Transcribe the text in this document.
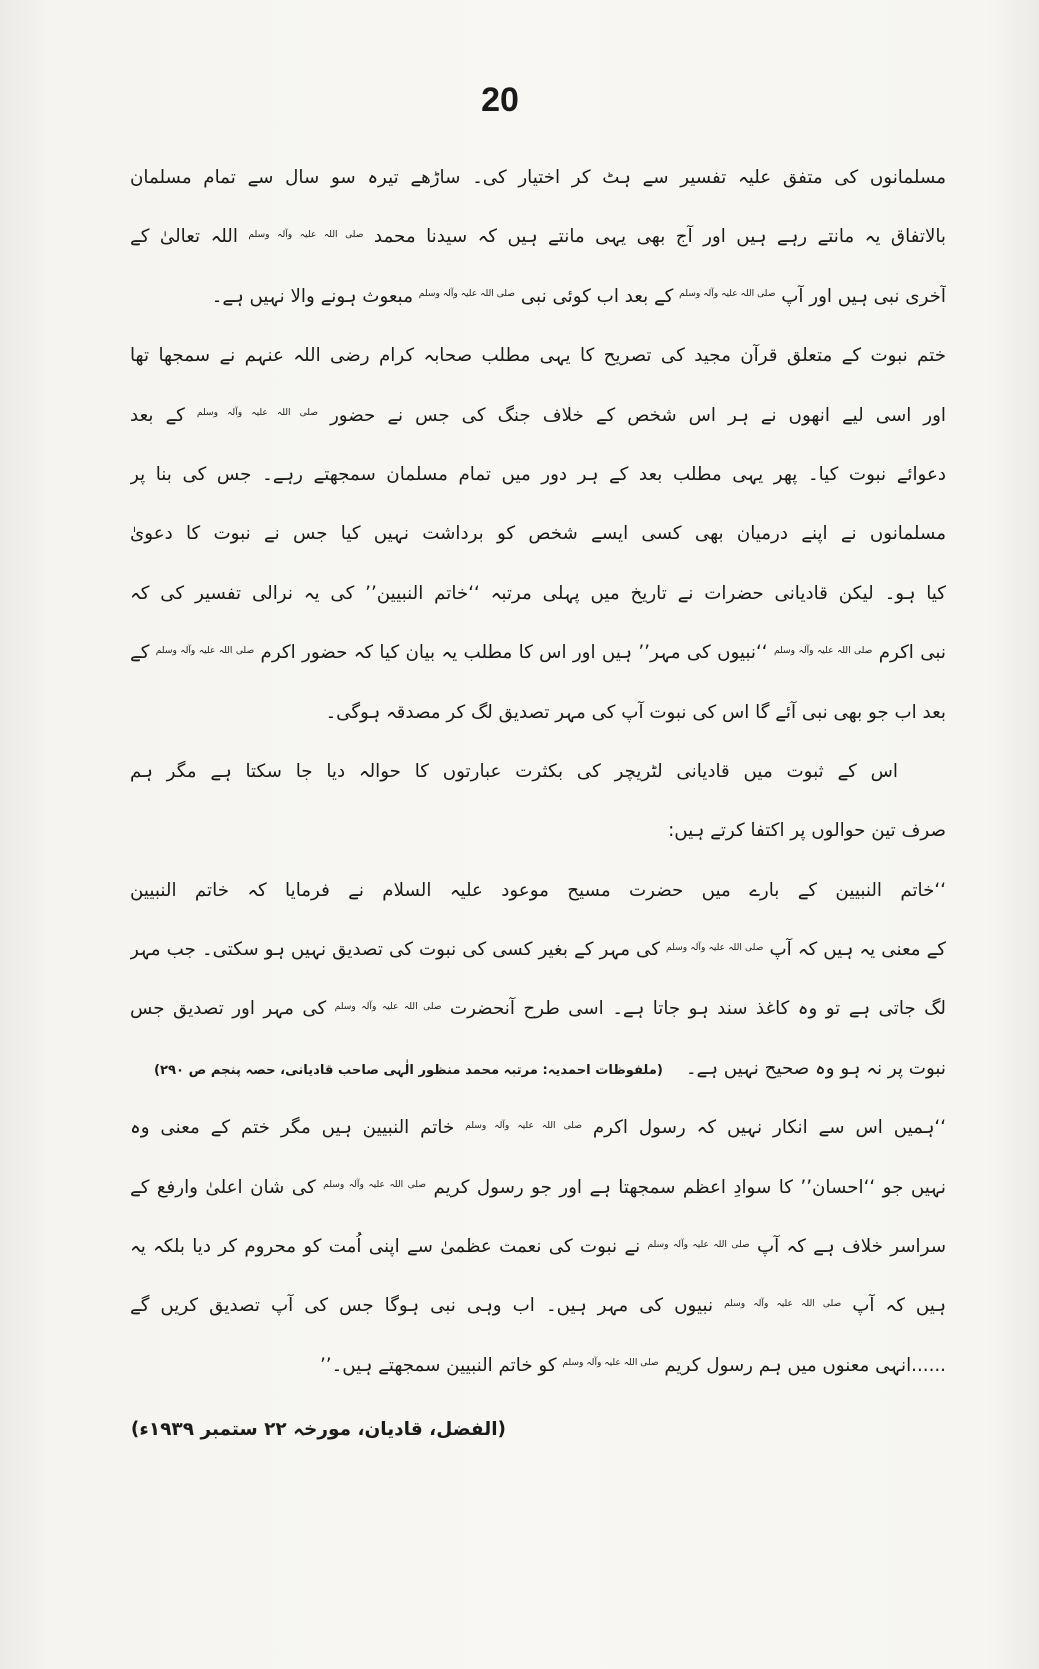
20
مسلمانوں کی متفق علیہ تفسیر سے ہٹ کر اختیار کی۔ ساڑھے تیرہ سو سال سے تمام مسلمان
بالاتفاق یہ مانتے رہے ہیں اور آج بھی یہی مانتے ہیں کہ سیدنا محمد $^{صلی اللہ علیہ وآلہ وسلم}$ اللہ تعالیٰ کے
آخری نبی ہیں اور آپ $^{صلی اللہ علیہ وآلہ وسلم}$ کے بعد اب کوئی نبی $^{صلی اللہ علیہ وآلہ وسلم}$ مبعوث ہونے والا نہیں ہے۔
ختم نبوت کے متعلق قرآن مجید کی تصریح کا یہی مطلب صحابہ کرام رضی اللہ عنہم نے سمجھا تھا
اور اسی لیے انھوں نے ہر اس شخص کے خلاف جنگ کی جس نے حضور $^{صلی اللہ علیہ وآلہ وسلم}$ کے بعد
دعوائے نبوت کیا۔ پھر یہی مطلب بعد کے ہر دور میں تمام مسلمان سمجھتے رہے۔ جس کی بنا پر
مسلمانوں نے اپنے درمیان بھی کسی ایسے شخص کو برداشت نہیں کیا جس نے نبوت کا دعویٰ
کیا ہو۔ لیکن قادیانی حضرات نے تاریخ میں پہلی مرتبہ ‘‘خاتم النبیین’’ کی یہ نرالی تفسیر کی کہ
نبی اکرم $^{صلی اللہ علیہ وآلہ وسلم}$ ‘‘نبیوں کی مہر’’ ہیں اور اس کا مطلب یہ بیان کیا کہ حضور اکرم $^{صلی اللہ علیہ وآلہ وسلم}$ کے
بعد اب جو بھی نبی آئے گا اس کی نبوت آپ کی مہر تصدیق لگ کر مصدقہ ہوگی۔
اس کے ثبوت میں قادیانی لٹریچر کی بکثرت عبارتوں کا حوالہ دیا جا سکتا ہے مگر ہم
صرف تین حوالوں پر اکتفا کرتے ہیں:
‘‘خاتم النبیین کے بارے میں حضرت مسیح موعود علیہ السلام نے فرمایا کہ خاتم النبیین
کے معنی یہ ہیں کہ آپ $^{صلی اللہ علیہ وآلہ وسلم}$ کی مہر کے بغیر کسی کی نبوت کی تصدیق نہیں ہو سکتی۔ جب مہر
لگ جاتی ہے تو وہ کاغذ سند ہو جاتا ہے۔ اسی طرح آنحضرت $^{صلی اللہ علیہ وآلہ وسلم}$ کی مہر اور تصدیق جس
نبوت پر نہ ہو وہ صحیح نہیں ہے۔
(ملفوظات احمدیہ: مرتبہ محمد منظور الٰہی صاحب قادیانی، حصہ پنجم ص ۲۹۰)
‘‘ہمیں اس سے انکار نہیں کہ رسول اکرم $^{صلی اللہ علیہ وآلہ وسلم}$ خاتم النبیین ہیں مگر ختم کے معنی وہ
نہیں جو ‘‘احسان’’ کا سوادِ اعظم سمجھتا ہے اور جو رسول کریم $^{صلی اللہ علیہ وآلہ وسلم}$ کی شان اعلیٰ وارفع کے
سراسر خلاف ہے کہ آپ $^{صلی اللہ علیہ وآلہ وسلم}$ نے نبوت کی نعمت عظمیٰ سے اپنی اُمت کو محروم کر دیا بلکہ یہ
ہیں کہ آپ $^{صلی اللہ علیہ وآلہ وسلم}$ نبیوں کی مہر ہیں۔ اب وہی نبی ہوگا جس کی آپ تصدیق کریں گے
......انہی معنوں میں ہم رسول کریم $^{صلی اللہ علیہ وآلہ وسلم}$ کو خاتم النبیین سمجھتے ہیں۔’’
(الفضل، قادیان، مورخہ ۲۲ ستمبر ۱۹۳۹ء)
